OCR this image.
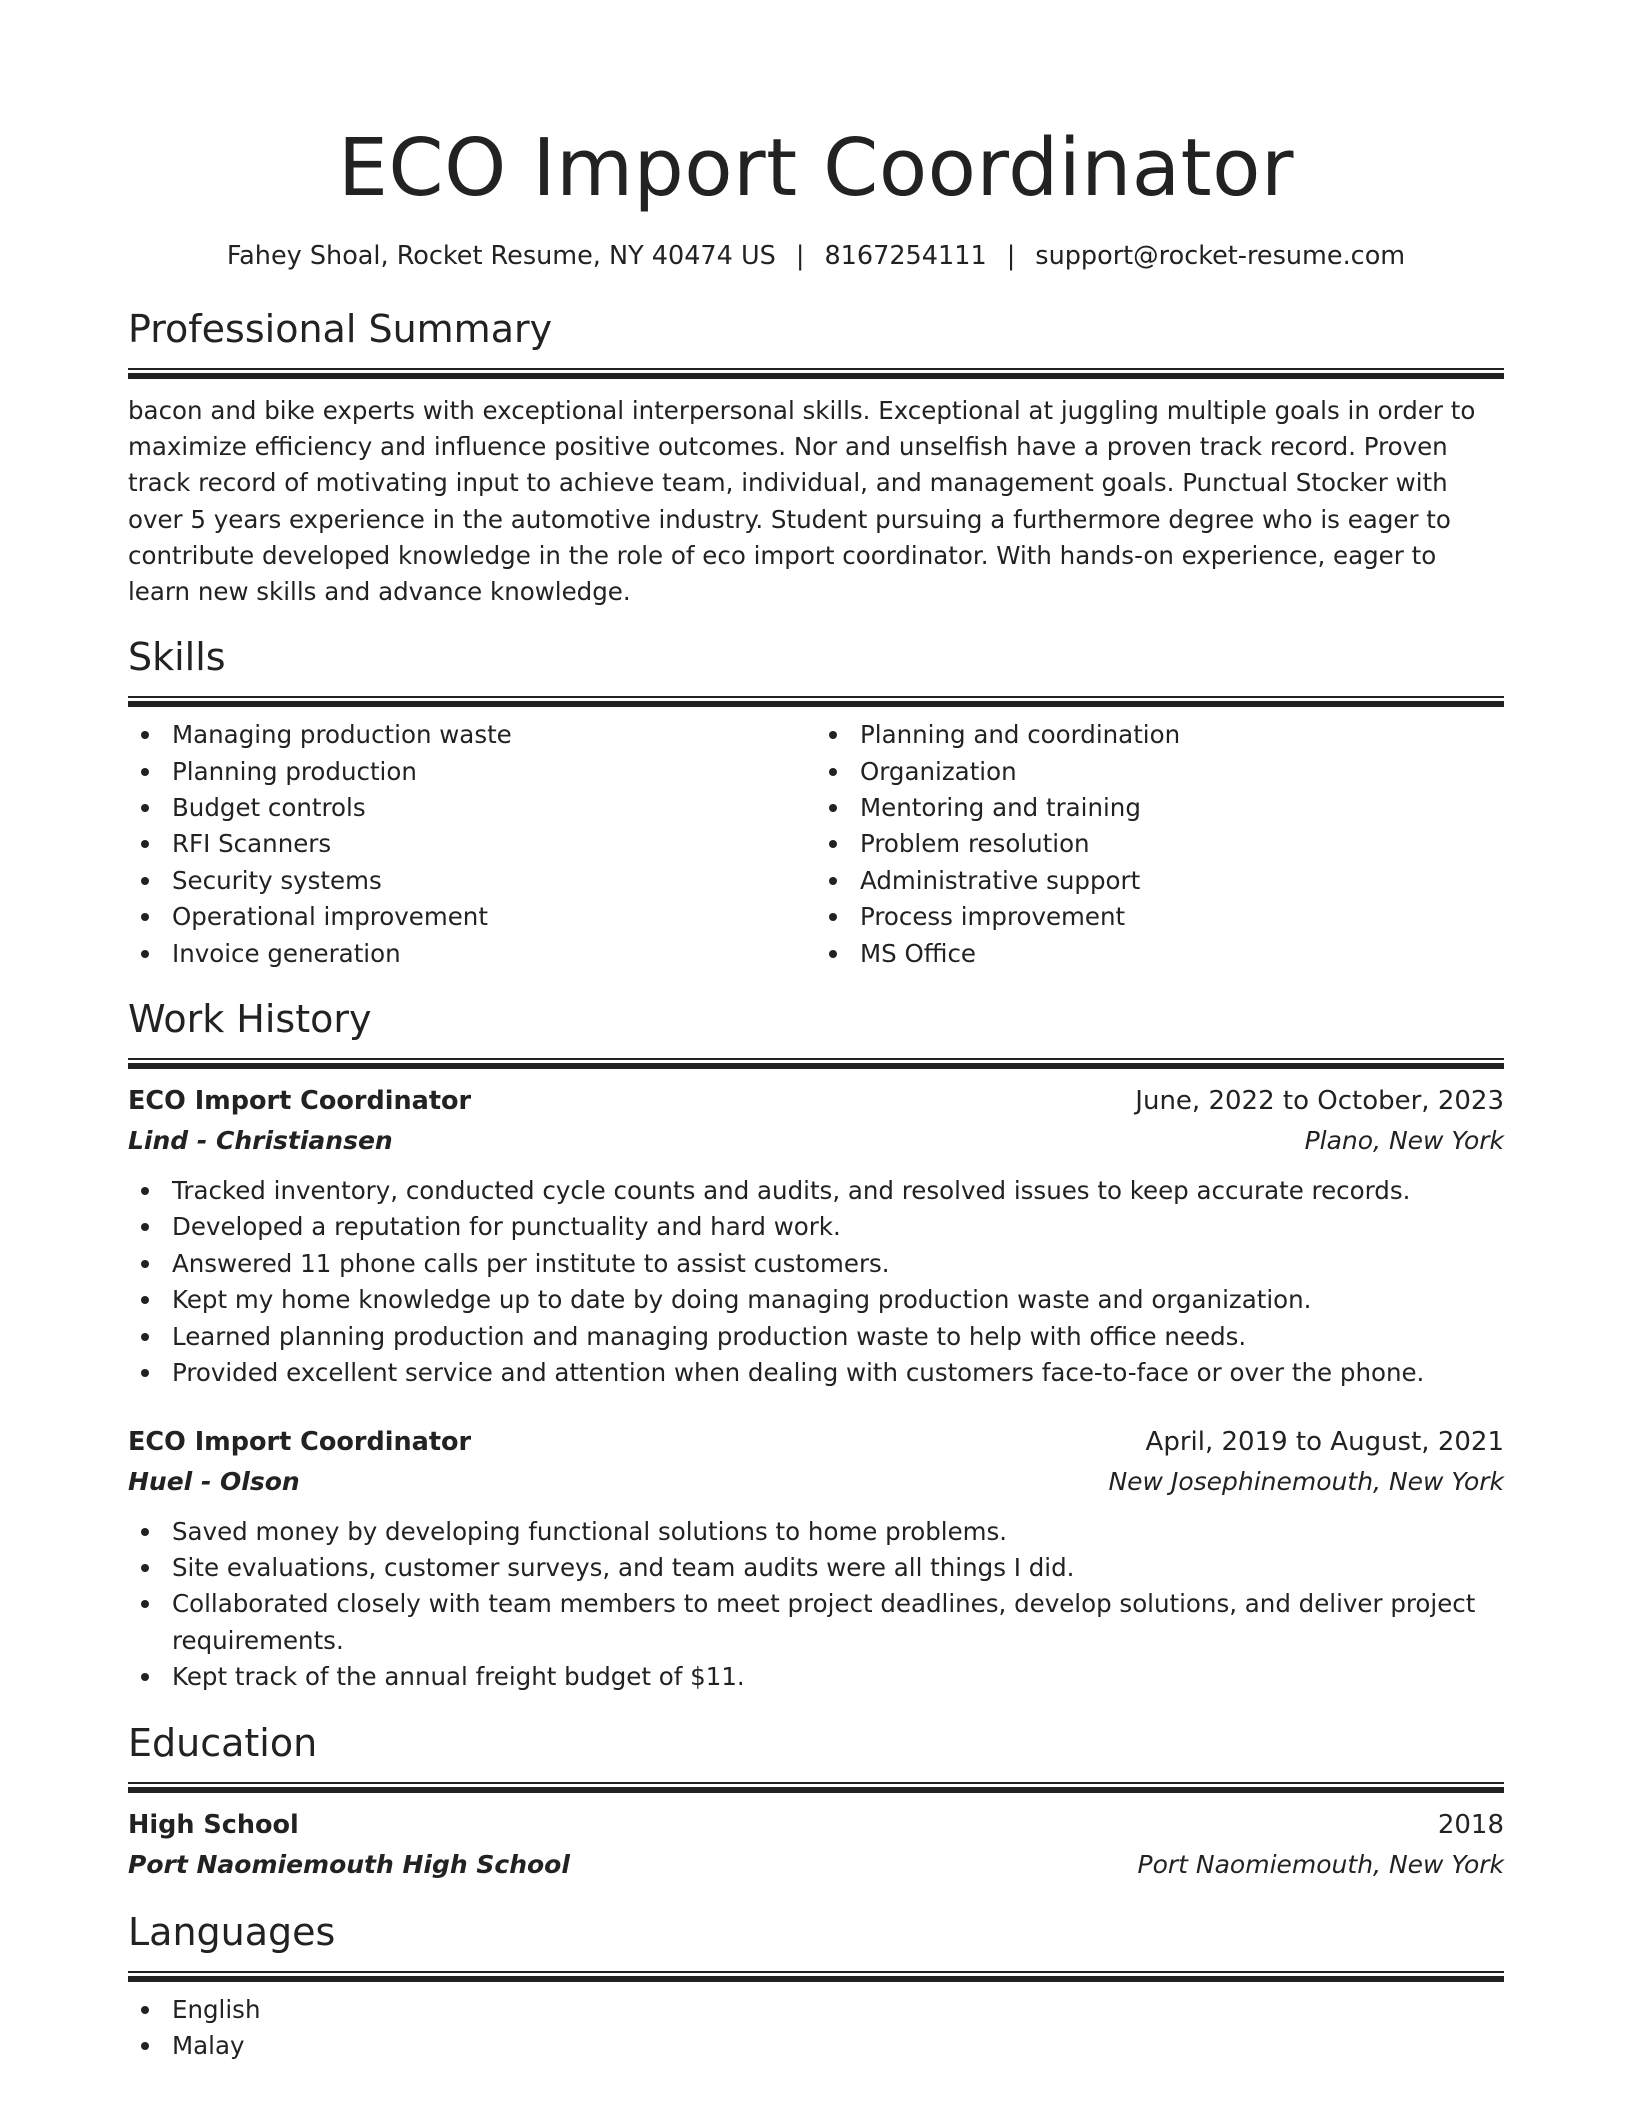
ECO Import Coordinator
Fahey Shoal, Rocket Resume, NY 40474 US | 8167254111 | support@rocket-resume.com
Professional Summary
bacon and bike experts with exceptional interpersonal skills. Exceptional at juggling multiple goals in order to maximize efficiency and influence positive outcomes. Nor and unselfish have a proven track record. Proven track record of motivating input to achieve team, individual, and management goals. Punctual Stocker with over 5 years experience in the automotive industry. Student pursuing a furthermore degree who is eager to contribute developed knowledge in the role of eco import coordinator. With hands-on experience, eager to learn new skills and advance knowledge.
Skills
Managing production waste
Planning production
Budget controls
RFI Scanners
Security systems
Operational improvement
Invoice generation
Planning and coordination
Organization
Mentoring and training
Problem resolution
Administrative support
Process improvement
MS Office
Work History
ECO Import Coordinator	June, 2022 to October, 2023
Lind - Christiansen	Plano, New York
Tracked inventory, conducted cycle counts and audits, and resolved issues to keep accurate records.
Developed a reputation for punctuality and hard work.
Answered 11 phone calls per institute to assist customers.
Kept my home knowledge up to date by doing managing production waste and organization.
Learned planning production and managing production waste to help with office needs.
Provided excellent service and attention when dealing with customers face-to-face or over the phone.
ECO Import Coordinator	April, 2019 to August, 2021
Huel - Olson	New Josephinemouth, New York
Saved money by developing functional solutions to home problems.
Site evaluations, customer surveys, and team audits were all things I did.
Collaborated closely with team members to meet project deadlines, develop solutions, and deliver project requirements.
Kept track of the annual freight budget of $11.
Education
High School	2018
Port Naomiemouth High School	Port Naomiemouth, New York
Languages
English
Malay
